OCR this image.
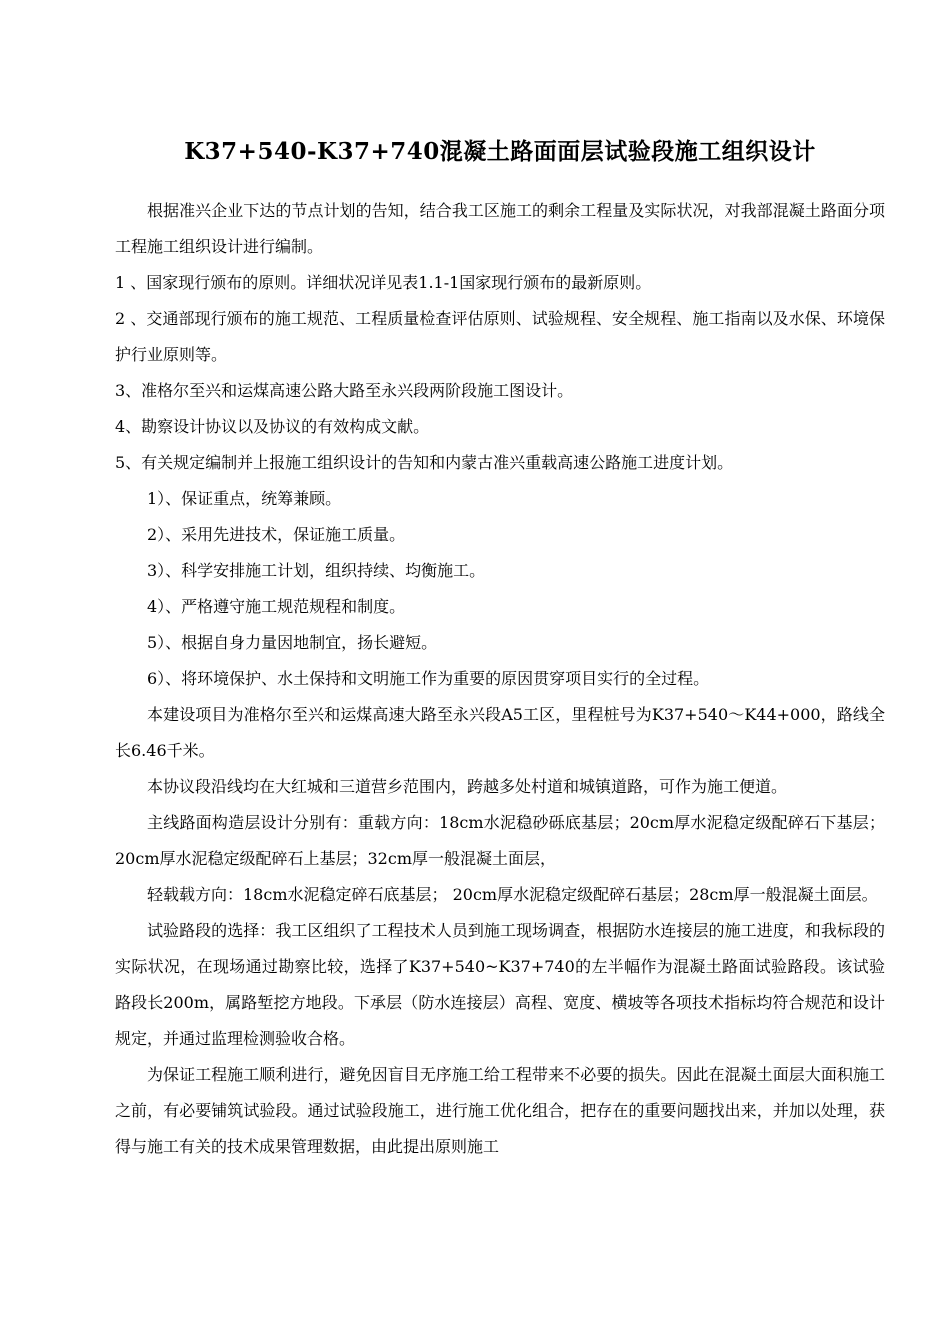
K37+540-K37+740混凝土路面面层试验段施工组织设计

根据准兴企业下达的节点计划的告知，结合我工区施工的剩余工程量及实际状况，对我部混凝土路面分项工程施工组织设计进行编制。

1 、国家现行颁布的原则。详细状况详见表1.1-1国家现行颁布的最新原则。

2 、交通部现行颁布的施工规范、工程质量检查评估原则、试验规程、安全规程、施工指南以及水保、环境保护行业原则等。

3、准格尔至兴和运煤高速公路大路至永兴段两阶段施工图设计。

4、勘察设计协议以及协议的有效构成文献。

5、有关规定编制并上报施工组织设计的告知和内蒙古准兴重载高速公路施工进度计划。

1）、保证重点，统筹兼顾。

2）、采用先进技术，保证施工质量。

3）、科学安排施工计划，组织持续、均衡施工。

4）、严格遵守施工规范规程和制度。

5）、根据自身力量因地制宜，扬长避短。

6）、将环境保护、水土保持和文明施工作为重要的原因贯穿项目实行的全过程。

本建设项目为准格尔至兴和运煤高速大路至永兴段A5工区，里程桩号为K37+540～K44+000，路线全长6.46千米。

本协议段沿线均在大红城和三道营乡范围内，跨越多处村道和城镇道路，可作为施工便道。

主线路面构造层设计分别有：重载方向：18cm水泥稳砂砾底基层；20cm厚水泥稳定级配碎石下基层；20cm厚水泥稳定级配碎石上基层；32cm厚一般混凝土面层，

轻载载方向：18cm水泥稳定碎石底基层； 20cm厚水泥稳定级配碎石基层；28cm厚一般混凝土面层。

试验路段的选择：我工区组织了工程技术人员到施工现场调查，根据防水连接层的施工进度，和我标段的实际状况，在现场通过勘察比较，选择了K37+540~K37+740的左半幅作为混凝土路面试验路段。该试验路段长200m，属路堑挖方地段。下承层（防水连接层）高程、宽度、横坡等各项技术指标均符合规范和设计规定，并通过监理检测验收合格。

为保证工程施工顺利进行，避免因盲目无序施工给工程带来不必要的损失。因此在混凝土面层大面积施工之前，有必要铺筑试验段。通过试验段施工，进行施工优化组合，把存在的重要问题找出来，并加以处理，获得与施工有关的技术成果管理数据，由此提出原则施工
